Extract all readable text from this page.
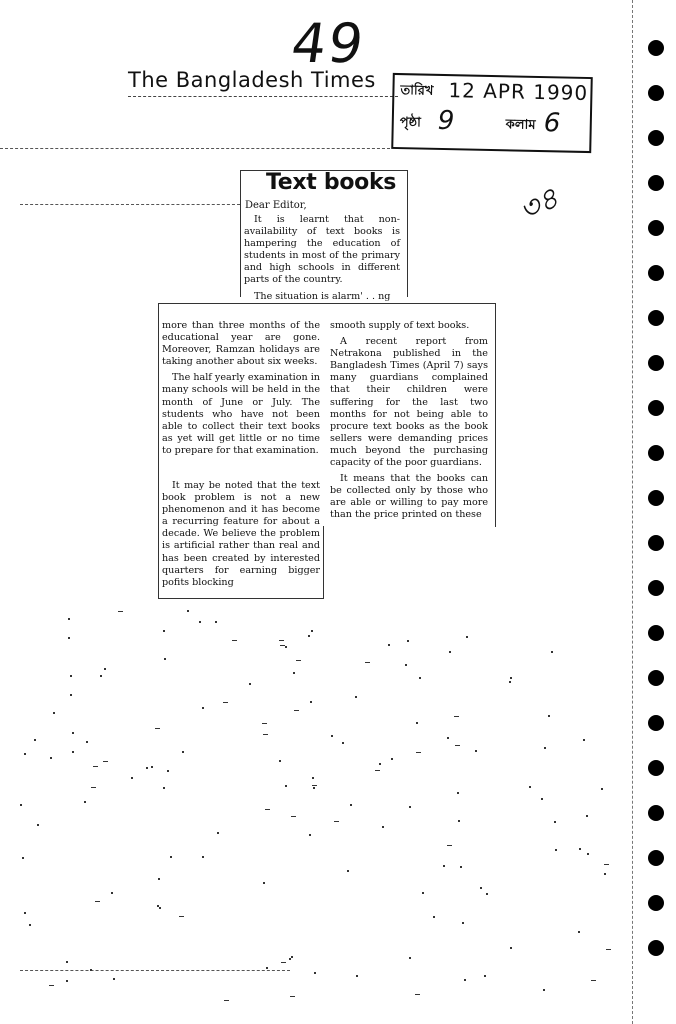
49
The Bangladesh Times তারিখ 12 APR 1990
পৃষ্ঠা 9	কলাম 6
৩৪
Text books
Dear Editor,

It is learnt that non-availability of text books is hampering the education of students in most of the primary and high schools in different parts of the country.

The situation is alarm' . . ng

more than three months of the educational year are gone. Moreover, Ramzan holidays are taking another about six weeks.

The half yearly examination in many schools will be held in the month of June or July. The students who have not been able to collect their text books as yet will get little or no time to prepare for that examination.

It may be noted that the text book problem is not a new phenomenon and it has become a recurring feature for about a decade. We believe the problem is artificial rather than real and has been created by interested quarters for earning bigger pofits blocking

smooth supply of text books.

A recent report from Netrakona published in the Bangladesh Times (April 7) says many guardians complained that their children were suffering for the last two months for not being able to procure text books as the book sellers were demanding prices much beyond the purchasing capacity of the poor guardians.

It means that the books can be collected only by those who are able or willing to pay more than the price printed on these
